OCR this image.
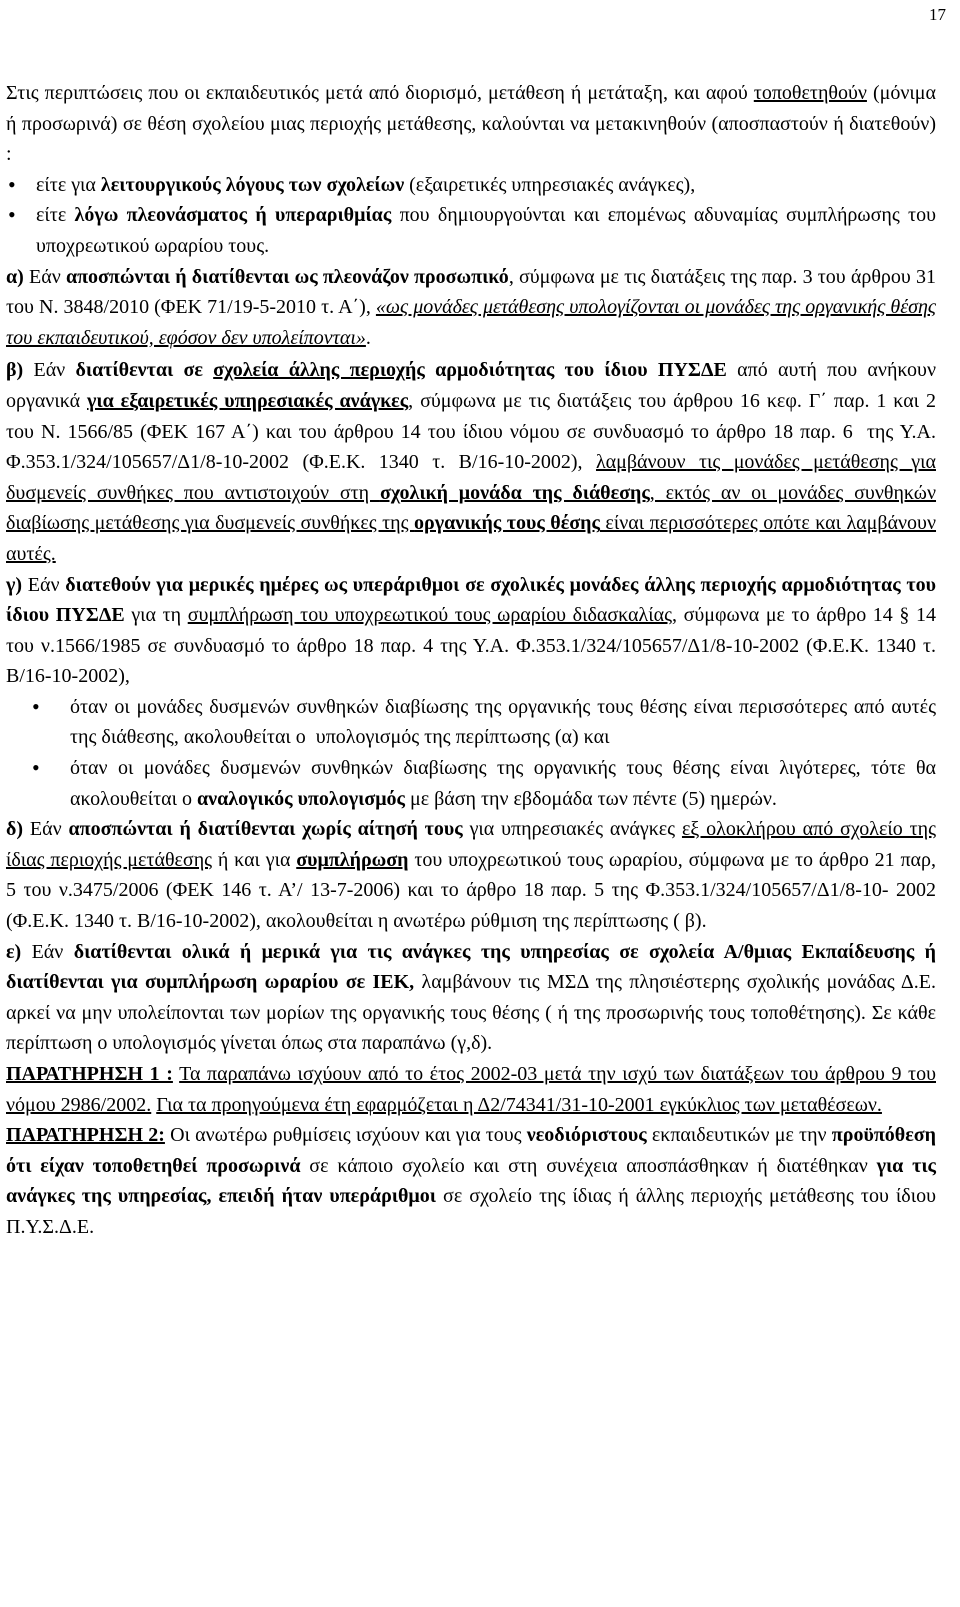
17

Στις περιπτώσεις που οι εκπαιδευτικός μετά από διορισμό, μετάθεση ή μετάταξη, και αφού τοποθετηθούν (μόνιμα ή προσωρινά) σε θέση σχολείου μιας περιοχής μετάθεσης, καλούνται να μετακινηθούν (αποσπαστούν ή διατεθούν) :

• είτε για λειτουργικούς λόγους των σχολείων (εξαιρετικές υπηρεσιακές ανάγκες),
• είτε λόγω πλεονάσματος ή υπεραριθμίας που δημιουργούνται και επομένως αδυναμίας συμπλήρωσης του υποχρεωτικού ωραρίου τους.

α) Εάν αποσπώνται ή διατίθενται ως πλεονάζον προσωπικό, σύμφωνα με τις διατάξεις της παρ. 3 του άρθρου 31 του Ν. 3848/2010 (ΦΕΚ 71/19-5-2010 τ. Α΄), «ως μονάδες μετάθεσης υπολογίζονται οι μονάδες της οργανικής θέσης του εκπαιδευτικού, εφόσον δεν υπολείπονται».

β) Εάν διατίθενται σε σχολεία άλλης περιοχής αρμοδιότητας του ίδιου ΠΥΣΔΕ από αυτή που ανήκουν οργανικά για εξαιρετικές υπηρεσιακές ανάγκες, σύμφωνα με τις διατάξεις του άρθρου 16 κεφ. Γ΄ παρ. 1 και 2 του Ν. 1566/85 (ΦΕΚ 167 Α΄) και του άρθρου 14 του ίδιου νόμου σε συνδυασμό το άρθρο 18 παρ. 6  της Υ.Α. Φ.353.1/324/105657/Δ1/8-10-2002 (Φ.Ε.Κ. 1340 τ. Β/16-10-2002), λαμβάνουν τις μονάδες μετάθεσης για δυσμενείς συνθήκες που αντιστοιχούν στη σχολική μονάδα της διάθεσης, εκτός αν οι μονάδες συνθηκών διαβίωσης μετάθεσης για δυσμενείς συνθήκες της οργανικής τους θέσης είναι περισσότερες οπότε και λαμβάνουν αυτές.

γ) Εάν διατεθούν για μερικές ημέρες ως υπεράριθμοι σε σχολικές μονάδες άλλης περιοχής αρμοδιότητας του ίδιου ΠΥΣΔΕ για τη συμπλήρωση του υποχρεωτικού τους ωραρίου διδασκαλίας, σύμφωνα με το άρθρο 14 § 14 του ν.1566/1985 σε συνδυασμό το άρθρο 18 παρ. 4 της Υ.Α. Φ.353.1/324/105657/Δ1/8-10-2002 (Φ.Ε.Κ. 1340 τ. Β/16-10-2002),

• όταν οι μονάδες δυσμενών συνθηκών διαβίωσης της οργανικής τους θέσης είναι περισσότερες από αυτές της διάθεσης, ακολουθείται ο  υπολογισμός της περίπτωσης (α) και
• όταν οι μονάδες δυσμενών συνθηκών διαβίωσης της οργανικής τους θέσης είναι λιγότερες, τότε θα ακολουθείται ο αναλογικός υπολογισμός με βάση την εβδομάδα των πέντε (5) ημερών.

δ) Εάν αποσπώνται ή διατίθενται χωρίς αίτησή τους για υπηρεσιακές ανάγκες εξ ολοκλήρου από σχολείο της ίδιας περιοχής μετάθεσης ή και για συμπλήρωση του υποχρεωτικού τους ωραρίου, σύμφωνα με το άρθρο 21 παρ, 5 του ν.3475/2006 (ΦΕΚ 146 τ. Α’/ 13-7-2006) και το άρθρο 18 παρ. 5 της Φ.353.1/324/105657/Δ1/8-10- 2002 (Φ.Ε.Κ. 1340 τ. Β/16-10-2002), ακολουθείται η ανωτέρω ρύθμιση της περίπτωσης ( β).

ε) Εάν διατίθενται ολικά ή μερικά για τις ανάγκες της υπηρεσίας σε σχολεία Α/θμιας Εκπαίδευσης ή διατίθενται για συμπλήρωση ωραρίου σε ΙΕΚ, λαμβάνουν τις ΜΣΔ της πλησιέστερης σχολικής μονάδας Δ.Ε. αρκεί να μην υπολείπονται των μορίων της οργανικής τους θέσης ( ή της προσωρινής τους τοποθέτησης). Σε κάθε περίπτωση ο υπολογισμός γίνεται όπως στα παραπάνω (γ,δ).

ΠΑΡΑΤΗΡΗΣΗ 1 : Τα παραπάνω ισχύουν από το έτος 2002-03 μετά την ισχύ των διατάξεων του άρθρου 9 του νόμου 2986/2002. Για τα προηγούμενα έτη εφαρμόζεται η Δ2/74341/31-10-2001 εγκύκλιος των μεταθέσεων.

ΠΑΡΑΤΗΡΗΣΗ 2: Οι ανωτέρω ρυθμίσεις ισχύουν και για τους νεοδιόριστους εκπαιδευτικών με την προϋπόθεση ότι είχαν τοποθετηθεί προσωρινά σε κάποιο σχολείο και στη συνέχεια αποσπάσθηκαν ή διατέθηκαν για τις ανάγκες της υπηρεσίας, επειδή ήταν υπεράριθμοι σε σχολείο της ίδιας ή άλλης περιοχής μετάθεσης του ίδιου Π.Υ.Σ.Δ.Ε.
